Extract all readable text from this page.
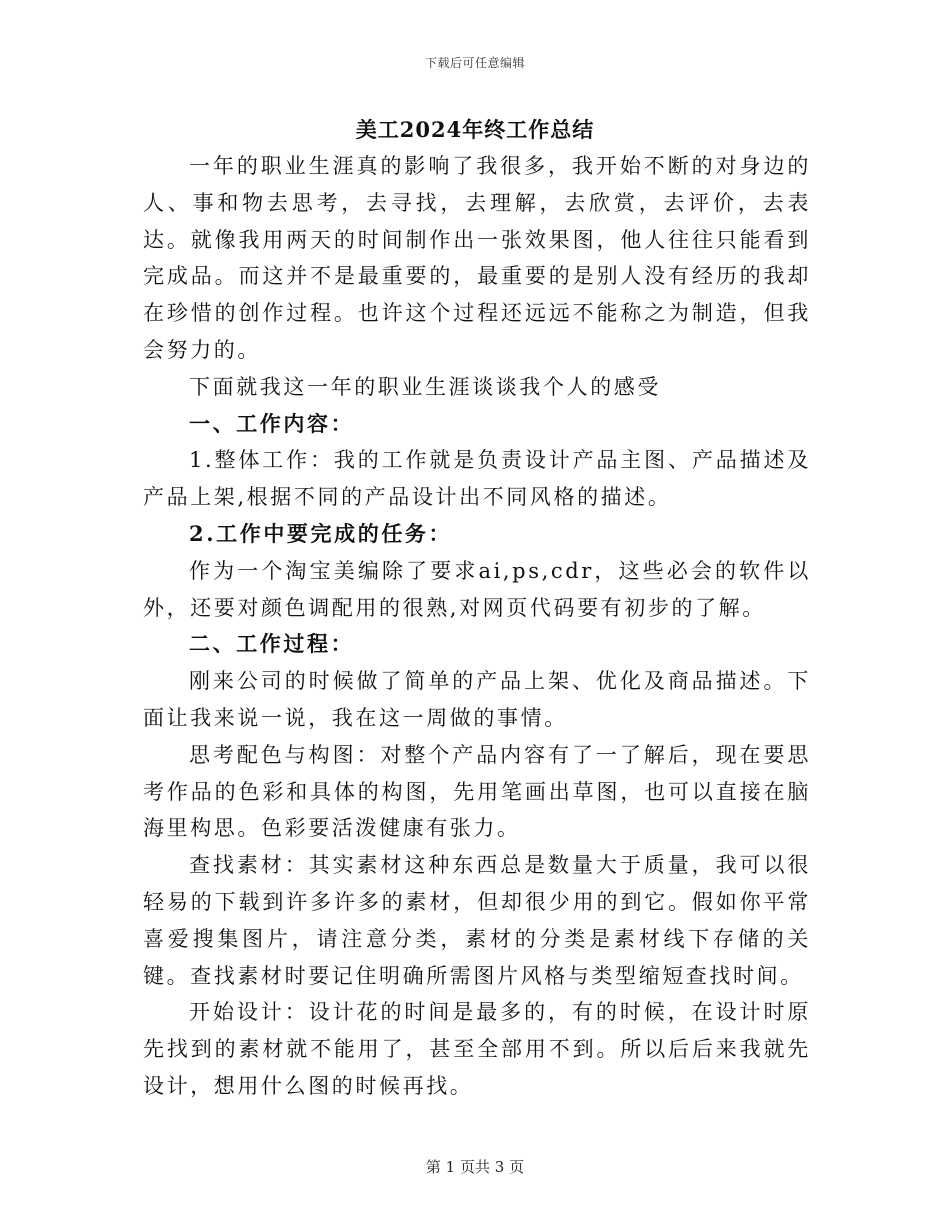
下载后可任意编辑
美工2024年终工作总结

一年的职业生涯真的影响了我很多，我开始不断的对身边的人、事和物去思考，去寻找，去理解，去欣赏，去评价，去表达。就像我用两天的时间制作出一张效果图，他人往往只能看到完成品。而这并不是最重要的，最重要的是别人没有经历的我却在珍惜的创作过程。也许这个过程还远远不能称之为制造，但我会努力的。

下面就我这一年的职业生涯谈谈我个人的感受

一、工作内容：

1.整体工作：我的工作就是负责设计产品主图、产品描述及产品上架,根据不同的产品设计出不同风格的描述。

2.工作中要完成的任务：

作为一个淘宝美编除了要求ai,ps,cdr，这些必会的软件以外，还要对颜色调配用的很熟,对网页代码要有初步的了解。

二、工作过程：

刚来公司的时候做了简单的产品上架、优化及商品描述。下面让我来说一说，我在这一周做的事情。

思考配色与构图：对整个产品内容有了一了解后，现在要思考作品的色彩和具体的构图，先用笔画出草图，也可以直接在脑海里构思。色彩要活泼健康有张力。

查找素材：其实素材这种东西总是数量大于质量，我可以很轻易的下载到许多许多的素材，但却很少用的到它。假如你平常喜爱搜集图片，请注意分类，素材的分类是素材线下存储的关键。查找素材时要记住明确所需图片风格与类型缩短查找时间。

开始设计：设计花的时间是最多的，有的时候，在设计时原先找到的素材就不能用了，甚至全部用不到。所以后后来我就先设计，想用什么图的时候再找。

第 1 页共 3 页
